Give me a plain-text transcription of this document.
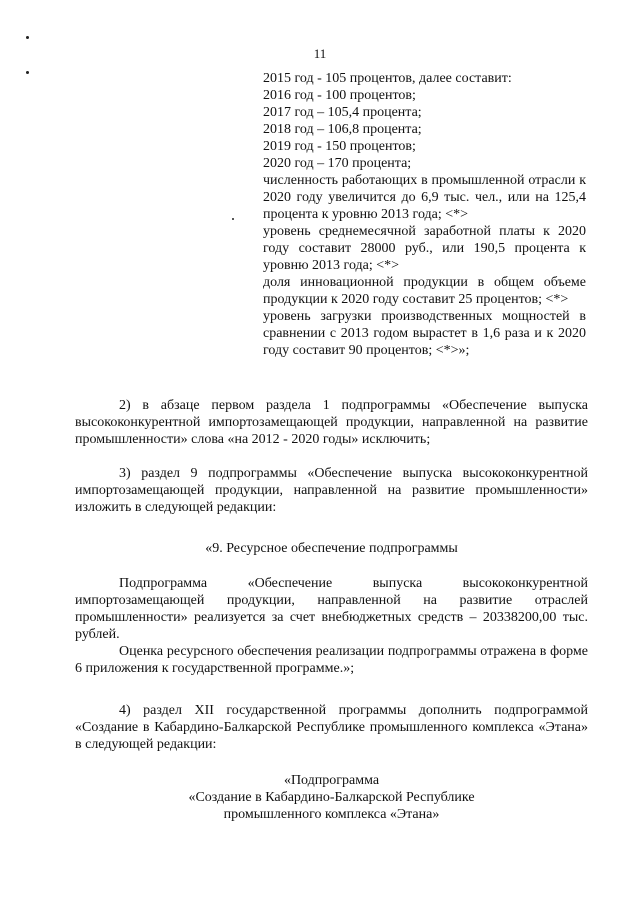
11

2015 год - 105 процентов, далее составит:

2016 год - 100 процентов;

2017 год – 105,4 процента;

2018 год – 106,8 процента;

2019 год - 150 процентов;

2020 год – 170 процента;

численность работающих в промышленной отрасли к 2020 году увеличится до 6,9 тыс. чел., или на 125,4 процента к уровню 2013 года; <*>

уровень среднемесячной заработной платы к 2020 году составит 28000 руб., или 190,5 процента к уровню 2013 года; <*>

доля инновационной продукции в общем объеме продукции к 2020 году составит 25 процентов; <*>

уровень загрузки производственных мощностей в сравнении с 2013 годом вырастет в 1,6 раза и к 2020 году составит 90 процентов; <*>»;

2) в абзаце первом раздела 1 подпрограммы «Обеспечение выпуска высококонкурентной импортозамещающей продукции, направленной на развитие промышленности» слова «на 2012 - 2020 годы» исключить;

3) раздел 9 подпрограммы «Обеспечение выпуска высококонкурентной импортозамещающей продукции, направленной на развитие промышленности» изложить в следующей редакции:

«9. Ресурсное обеспечение подпрограммы

Подпрограмма «Обеспечение выпуска высококонкурентной импортозамещающей продукции, направленной на развитие отраслей промышленности» реализуется за счет внебюджетных средств – 20338200,00 тыс. рублей.

Оценка ресурсного обеспечения реализации подпрограммы отражена в форме 6 приложения к государственной программе.»;

4) раздел XII государственной программы дополнить подпрограммой «Создание в Кабардино-Балкарской Республике промышленного комплекса «Этана» в следующей редакции:

«Подпрограмма

«Создание в Кабардино-Балкарской Республике

промышленного комплекса «Этана»
